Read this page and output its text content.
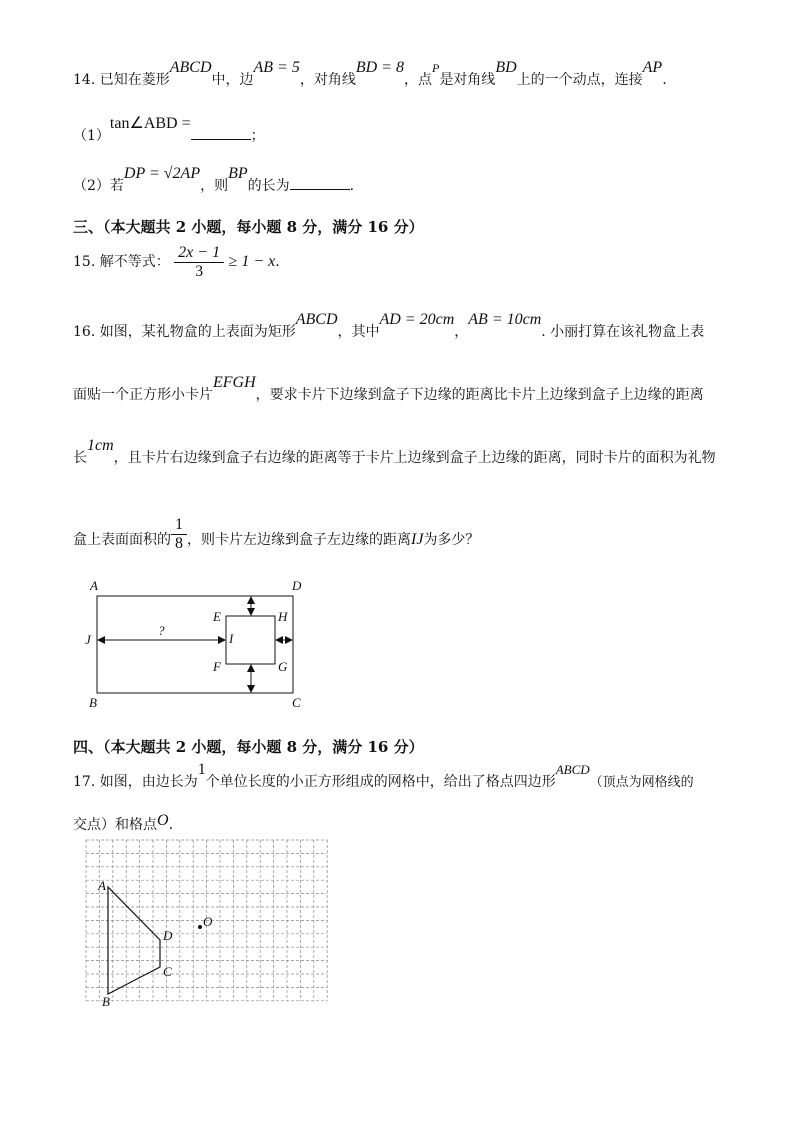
14. 已知在菱形ABCD中，边AB = 5，对角线BD = 8，点P是对角线BD上的一个动点，连接AP.
（1）tan∠ABD =；
（2）若DP = √2AP，则BP的长为	.
三、（本大题共 2 小题，每小题 8 分，满分 16 分）
15. 解不等式： $\frac{2x - 1}{3} \ge 1 - x$.
16. 如图，某礼物盒的上表面为矩形ABCD，其中AD = 20cm，AB = 10cm. 小丽打算在该礼物盒上表
面贴一个正方形小卡片EFGH，要求卡片下边缘到盒子下边缘的距离比卡片上边缘到盒子上边缘的距离
长1cm，且卡片右边缘到盒子右边缘的距离等于卡片上边缘到盒子上边缘的距离，同时卡片的面积为礼物
盒上表面面积的 $\frac{1}{8}$ ，则卡片左边缘到盒子左边缘的距离IJ为多少？
A	D
B	C
E	H
F	G
I
J
?
四、（本大题共 2 小题，每小题 8 分，满分 16 分）
17. 如图，由边长为1个单位长度的小正方形组成的网格中，给出了格点四边形ABCD（顶点为网格线的
交点）和格点O.
A
B
C
D
O
